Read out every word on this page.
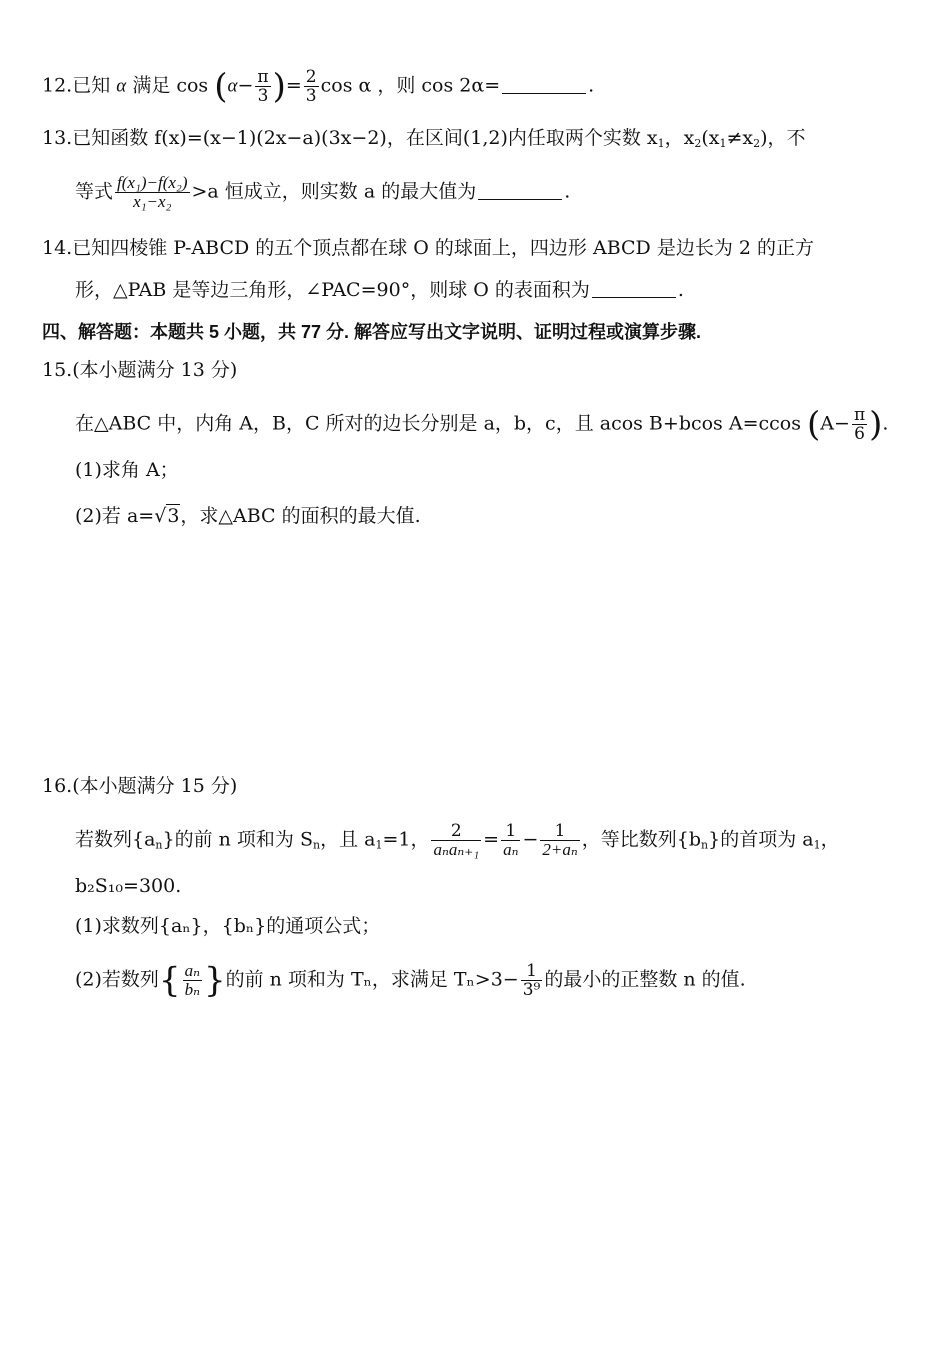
12.已知 α 满足 $\cos (\alpha- \frac{\pi}{3}$ )= $\frac{2}{3}$ cos α ，则 cos 2α=	.
13.已知函数 f(x)=(x−1)(2x−a)(3x−2)，在区间(1,2)内任取两个实数 $x_1$，$x_2(x_1\ne x_2)$，不
等式 $\frac{\text{f(x₁)−f(x₂)}}{\text{x₁−x₂}} >a$ 恒成立，则实数 a 的最大值为	.
14.已知四棱锥 P-ABCD 的五个顶点都在球 O 的球面上，四边形 ABCD 是边长为 2 的正方
形，△PAB 是等边三角形，∠PAC=90°，则球 O 的表面积为	.
四、解答题：本题共 5 小题，共 77 分. 解答应写出文字说明、证明过程或演算步骤.
15.(本小题满分 13 分)
在△ABC 中，内角 A，B，C 所对的边长分别是 a，b，c，且 acos B+bcos A=ccos ($A- \frac{\pi}{6}$ ).
(1)求角 A；
(2)若 a=√3，求△ABC 的面积的最大值.
16.(本小题满分 15 分)
若数列$\{a_n\}$的前 n 项和为 $S_n$，且 $a_1=1$， $\frac{2}{\text{aₙaₙ₊₁}} = \frac{1}{\text{aₙ}} - \frac{1}{\text{2+aₙ}}$ ，等比数列$\{b_n\}$的首项为 $a_1$，
b₂S₁₀=300.
(1)求数列{aₙ}，{bₙ}的通项公式；
(2)若数列{ $\frac{\text{aₙ}}{\text{bₙ}}$ }的前 n 项和为 Tₙ，求满足 $T_n>3- \frac{1}{\text{3⁹}}$ 的最小的正整数 n 的值.
